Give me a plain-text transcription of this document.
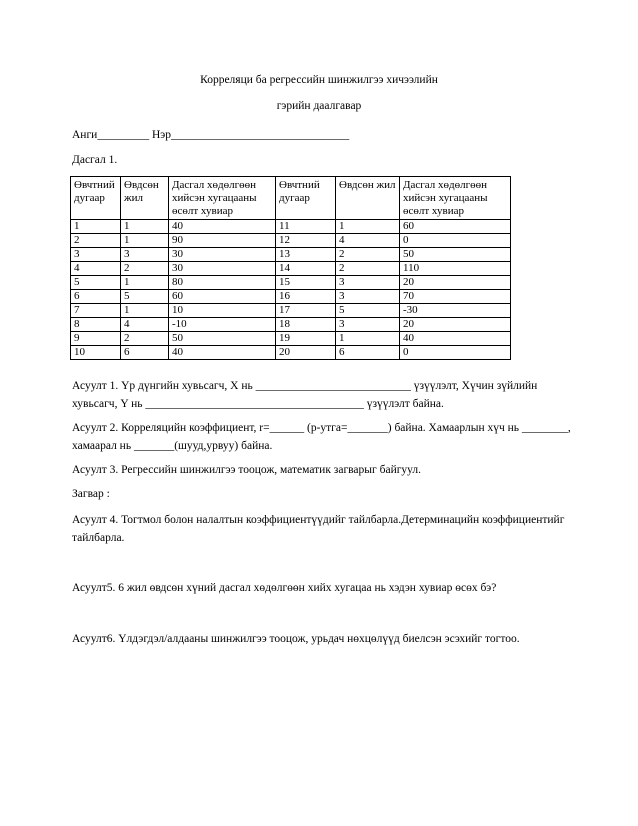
Корреляци ба регрессийн шинжилгээ хичээлийн
гэрийн даалгавар
Анги_________ Нэр_______________________________
Дасгал 1.
Өвчтний дугаар	Өвдсөн жил	Дасгал хөдөлгөөн хийсэн хугацааны өсөлт хувиар	Өвчтний дугаар	Өвдсөн жил	Дасгал хөдөлгөөн хийсэн хугацааны өсөлт хувиар
1	1	40	11	1	60
2	1	90	12	4	0
3	3	30	13	2	50
4	2	30	14	2	110
5	1	80	15	3	20
6	5	60	16	3	70
7	1	10	17	5	-30
8	4	-10	18	3	20
9	2	50	19	1	40
10	6	40	20	6	0
Асуулт 1. Үр дүнгийн хувьсагч, X нь ___________________________ үзүүлэлт, Хүчин зүйлийн хувьсагч, Y нь ______________________________________ үзүүлэлт байна.
Асуулт 2. Корреляцийн коэффициент, r=______ (p-утга=_______) байна. Хамаарлын хүч нь ________, хамаарал нь _______(шууд,урвуу) байна.
Асуулт 3. Регрессийн шинжилгээ тооцож, математик загварыг байгуул.
Загвар :
Асуулт 4. Тогтмол болон налалтын коэффициентүүдийг тайлбарла.Детерминацийн коэффициентийг тайлбарла.
Асуулт5. 6 жил өвдсөн хүний дасгал хөдөлгөөн хийх хугацаа нь хэдэн хувиар өсөх бэ?
Асуулт6. Үлдэгдэл/алдааны шинжилгээ тооцож, урьдач нөхцөлүүд биелсэн эсэхийг тогтоо.
